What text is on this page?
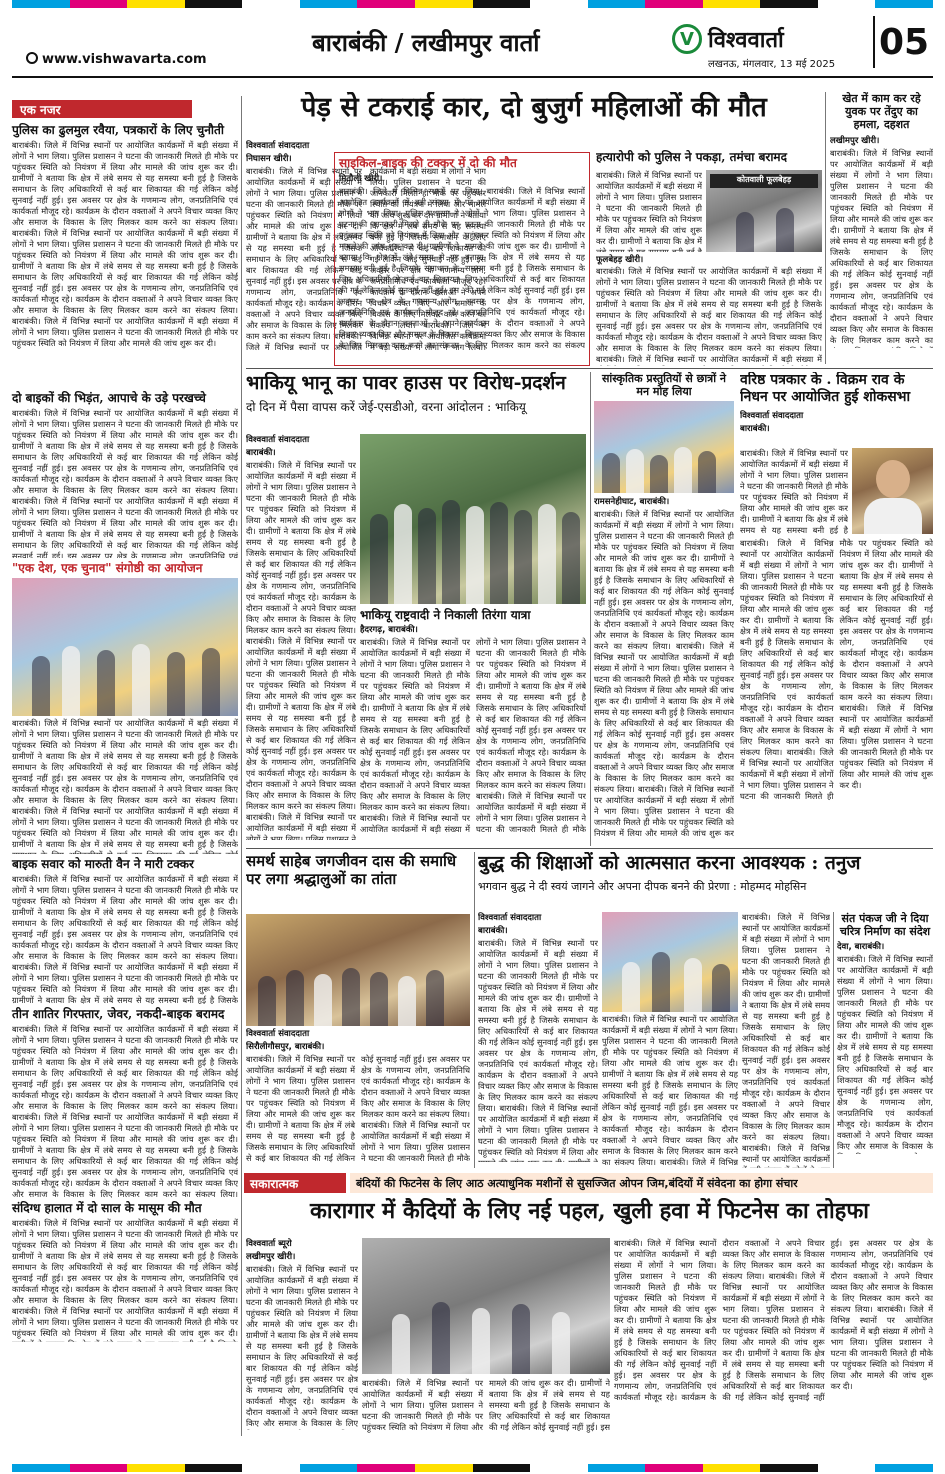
www.vishwavarta.com
बाराबंकी / लखीमपुर वार्ता	V विश्ववार्ता
लखनऊ, मंगलवार, 13 मई 2025
05
एक नजर
पुलिस का ढुलमुल रवैया, पत्रकारों के लिए चुनौती
बाराबंकी। जिले में विभिन्न स्थानों पर आयोजित कार्यक्रमों में बड़ी संख्या में लोगों ने भाग लिया। पुलिस प्रशासन ने घटना की जानकारी मिलते ही मौके पर पहुंचकर स्थिति को नियंत्रण में लिया और मामले की जांच शुरू कर दी। ग्रामीणों ने बताया कि क्षेत्र में लंबे समय से यह समस्या बनी हुई है जिसके समाधान के लिए अधिकारियों से कई बार शिकायत की गई लेकिन कोई सुनवाई नहीं हुई। इस अवसर पर क्षेत्र के गणमान्य लोग, जनप्रतिनिधि एवं कार्यकर्ता मौजूद रहे। कार्यक्रम के दौरान वक्ताओं ने अपने विचार व्यक्त किए और समाज के विकास के लिए मिलकर काम करने का संकल्प लिया। बाराबंकी। जिले में विभिन्न स्थानों पर आयोजित कार्यक्रमों में बड़ी संख्या में लोगों ने भाग लिया। पुलिस प्रशासन ने घटना की जानकारी मिलते ही मौके पर पहुंचकर स्थिति को नियंत्रण में लिया और मामले की जांच शुरू कर दी। ग्रामीणों ने बताया कि क्षेत्र में लंबे समय से यह समस्या बनी हुई है जिसके समाधान के लिए अधिकारियों से कई बार शिकायत की गई लेकिन कोई सुनवाई नहीं हुई। इस अवसर पर क्षेत्र के गणमान्य लोग, जनप्रतिनिधि एवं कार्यकर्ता मौजूद रहे। कार्यक्रम के दौरान वक्ताओं ने अपने विचार व्यक्त किए और समाज के विकास के लिए मिलकर काम करने का संकल्प लिया। बाराबंकी। जिले में विभिन्न स्थानों पर आयोजित कार्यक्रमों में बड़ी संख्या में लोगों ने भाग लिया। पुलिस प्रशासन ने घटना की जानकारी मिलते ही मौके पर पहुंचकर स्थिति को नियंत्रण में लिया और मामले की जांच शुरू कर दी।
दो बाइकों की भिड़ंत, आपाचे के उड़े परखच्चे
बाराबंकी। जिले में विभिन्न स्थानों पर आयोजित कार्यक्रमों में बड़ी संख्या में लोगों ने भाग लिया। पुलिस प्रशासन ने घटना की जानकारी मिलते ही मौके पर पहुंचकर स्थिति को नियंत्रण में लिया और मामले की जांच शुरू कर दी। ग्रामीणों ने बताया कि क्षेत्र में लंबे समय से यह समस्या बनी हुई है जिसके समाधान के लिए अधिकारियों से कई बार शिकायत की गई लेकिन कोई सुनवाई नहीं हुई। इस अवसर पर क्षेत्र के गणमान्य लोग, जनप्रतिनिधि एवं कार्यकर्ता मौजूद रहे। कार्यक्रम के दौरान वक्ताओं ने अपने विचार व्यक्त किए और समाज के विकास के लिए मिलकर काम करने का संकल्प लिया। बाराबंकी। जिले में विभिन्न स्थानों पर आयोजित कार्यक्रमों में बड़ी संख्या में लोगों ने भाग लिया। पुलिस प्रशासन ने घटना की जानकारी मिलते ही मौके पर पहुंचकर स्थिति को नियंत्रण में लिया और मामले की जांच शुरू कर दी। ग्रामीणों ने बताया कि क्षेत्र में लंबे समय से यह समस्या बनी हुई है जिसके समाधान के लिए अधिकारियों से कई बार शिकायत की गई लेकिन कोई सुनवाई नहीं हुई। इस अवसर पर क्षेत्र के गणमान्य लोग, जनप्रतिनिधि एवं कार्यकर्ता मौजूद रहे। कार्यक्रम के दौरान वक्ताओं ने अपने विचार व्यक्त किए और समाज के विकास के लिए मिलकर काम करने का संकल्प लिया। बाराबंकी। जिले में विभिन्न स्थानों पर आयोजित कार्यक्रमों में बड़ी संख्या में लोगों ने भाग लिया। पुलिस प्रशासन ने घटना की जानकारी मिलते ही मौके पर पहुंचकर स्थिति को नियंत्रण में लिया और मामले की जांच शुरू कर दी।
"एक देश, एक चुनाव" संगोष्ठी का आयोजन
बाराबंकी। जिले में विभिन्न स्थानों पर आयोजित कार्यक्रमों में बड़ी संख्या में लोगों ने भाग लिया। पुलिस प्रशासन ने घटना की जानकारी मिलते ही मौके पर पहुंचकर स्थिति को नियंत्रण में लिया और मामले की जांच शुरू कर दी। ग्रामीणों ने बताया कि क्षेत्र में लंबे समय से यह समस्या बनी हुई है जिसके समाधान के लिए अधिकारियों से कई बार शिकायत की गई लेकिन कोई सुनवाई नहीं हुई। इस अवसर पर क्षेत्र के गणमान्य लोग, जनप्रतिनिधि एवं कार्यकर्ता मौजूद रहे। कार्यक्रम के दौरान वक्ताओं ने अपने विचार व्यक्त किए और समाज के विकास के लिए मिलकर काम करने का संकल्प लिया। बाराबंकी। जिले में विभिन्न स्थानों पर आयोजित कार्यक्रमों में बड़ी संख्या में लोगों ने भाग लिया। पुलिस प्रशासन ने घटना की जानकारी मिलते ही मौके पर पहुंचकर स्थिति को नियंत्रण में लिया और मामले की जांच शुरू कर दी। ग्रामीणों ने बताया कि क्षेत्र में लंबे समय से यह समस्या बनी हुई है जिसके समाधान के लिए अधिकारियों से कई बार शिकायत की गई लेकिन कोई सुनवाई नहीं हुई। इस अवसर पर क्षेत्र के गणमान्य लोग, जनप्रतिनिधि एवं कार्यकर्ता मौजूद रहे। कार्यक्रम के दौरान वक्ताओं ने अपने विचार व्यक्त किए और समाज के विकास के लिए मिलकर काम करने का संकल्प लिया। बाराबंकी। जिले में विभिन्न स्थानों पर आयोजित कार्यक्रमों में बड़ी संख्या में लोगों ने भाग लिया। पुलिस प्रशासन ने घटना की जानकारी मिलते ही मौके पर पहुंचकर स्थिति को नियंत्रण में लिया और मामले की जांच शुरू कर दी।
बाइक सवार को मारुती वैन ने मारी टक्कर
बाराबंकी। जिले में विभिन्न स्थानों पर आयोजित कार्यक्रमों में बड़ी संख्या में लोगों ने भाग लिया। पुलिस प्रशासन ने घटना की जानकारी मिलते ही मौके पर पहुंचकर स्थिति को नियंत्रण में लिया और मामले की जांच शुरू कर दी। ग्रामीणों ने बताया कि क्षेत्र में लंबे समय से यह समस्या बनी हुई है जिसके समाधान के लिए अधिकारियों से कई बार शिकायत की गई लेकिन कोई सुनवाई नहीं हुई। इस अवसर पर क्षेत्र के गणमान्य लोग, जनप्रतिनिधि एवं कार्यकर्ता मौजूद रहे। कार्यक्रम के दौरान वक्ताओं ने अपने विचार व्यक्त किए और समाज के विकास के लिए मिलकर काम करने का संकल्प लिया। बाराबंकी। जिले में विभिन्न स्थानों पर आयोजित कार्यक्रमों में बड़ी संख्या में लोगों ने भाग लिया। पुलिस प्रशासन ने घटना की जानकारी मिलते ही मौके पर पहुंचकर स्थिति को नियंत्रण में लिया और मामले की जांच शुरू कर दी। ग्रामीणों ने बताया कि क्षेत्र में लंबे समय से यह समस्या बनी हुई है जिसके समाधान के लिए अधिकारियों से कई बार शिकायत की गई लेकिन कोई सुनवाई नहीं हुई। इस अवसर पर क्षेत्र के गणमान्य लोग, जनप्रतिनिधि एवं कार्यकर्ता मौजूद रहे। कार्यक्रम के दौरान वक्ताओं ने अपने विचार व्यक्त किए और समाज के विकास के लिए मिलकर काम करने का संकल्प लिया। बाराबंकी। जिले में विभिन्न स्थानों पर आयोजित कार्यक्रमों में बड़ी संख्या में लोगों ने भाग लिया। पुलिस प्रशासन ने घटना की जानकारी मिलते ही मौके पर पहुंचकर स्थिति को नियंत्रण में लिया और मामले की जांच शुरू कर दी।
तीन शातिर गिरफ्तार, जेवर, नकदी-बाइक बरामद
बाराबंकी। जिले में विभिन्न स्थानों पर आयोजित कार्यक्रमों में बड़ी संख्या में लोगों ने भाग लिया। पुलिस प्रशासन ने घटना की जानकारी मिलते ही मौके पर पहुंचकर स्थिति को नियंत्रण में लिया और मामले की जांच शुरू कर दी। ग्रामीणों ने बताया कि क्षेत्र में लंबे समय से यह समस्या बनी हुई है जिसके समाधान के लिए अधिकारियों से कई बार शिकायत की गई लेकिन कोई सुनवाई नहीं हुई। इस अवसर पर क्षेत्र के गणमान्य लोग, जनप्रतिनिधि एवं कार्यकर्ता मौजूद रहे। कार्यक्रम के दौरान वक्ताओं ने अपने विचार व्यक्त किए और समाज के विकास के लिए मिलकर काम करने का संकल्प लिया। बाराबंकी। जिले में विभिन्न स्थानों पर आयोजित कार्यक्रमों में बड़ी संख्या में लोगों ने भाग लिया। पुलिस प्रशासन ने घटना की जानकारी मिलते ही मौके पर पहुंचकर स्थिति को नियंत्रण में लिया और मामले की जांच शुरू कर दी। ग्रामीणों ने बताया कि क्षेत्र में लंबे समय से यह समस्या बनी हुई है जिसके समाधान के लिए अधिकारियों से कई बार शिकायत की गई लेकिन कोई सुनवाई नहीं हुई। इस अवसर पर क्षेत्र के गणमान्य लोग, जनप्रतिनिधि एवं कार्यकर्ता मौजूद रहे। कार्यक्रम के दौरान वक्ताओं ने अपने विचार व्यक्त किए और समाज के विकास के लिए मिलकर काम करने का संकल्प लिया। बाराबंकी। जिले में विभिन्न स्थानों पर आयोजित कार्यक्रमों में बड़ी संख्या में लोगों ने भाग लिया। पुलिस प्रशासन ने घटना की जानकारी मिलते ही मौके पर पहुंचकर स्थिति को नियंत्रण में लिया और मामले की जांच शुरू कर दी।
संदिग्ध हालात में दो साल के मासूम की मौत
बाराबंकी। जिले में विभिन्न स्थानों पर आयोजित कार्यक्रमों में बड़ी संख्या में लोगों ने भाग लिया। पुलिस प्रशासन ने घटना की जानकारी मिलते ही मौके पर पहुंचकर स्थिति को नियंत्रण में लिया और मामले की जांच शुरू कर दी। ग्रामीणों ने बताया कि क्षेत्र में लंबे समय से यह समस्या बनी हुई है जिसके समाधान के लिए अधिकारियों से कई बार शिकायत की गई लेकिन कोई सुनवाई नहीं हुई। इस अवसर पर क्षेत्र के गणमान्य लोग, जनप्रतिनिधि एवं कार्यकर्ता मौजूद रहे। कार्यक्रम के दौरान वक्ताओं ने अपने विचार व्यक्त किए और समाज के विकास के लिए मिलकर काम करने का संकल्प लिया। बाराबंकी। जिले में विभिन्न स्थानों पर आयोजित कार्यक्रमों में बड़ी संख्या में लोगों ने भाग लिया। पुलिस प्रशासन ने घटना की जानकारी मिलते ही मौके पर पहुंचकर स्थिति को नियंत्रण में लिया और मामले की जांच शुरू कर दी। ग्रामीणों ने बताया कि क्षेत्र में लंबे समय से यह समस्या बनी हुई है जिसके समाधान के लिए अधिकारियों से कई बार शिकायत की गई लेकिन कोई सुनवाई नहीं हुई। इस अवसर पर क्षेत्र के गणमान्य लोग, जनप्रतिनिधि एवं कार्यकर्ता मौजूद रहे। कार्यक्रम के दौरान वक्ताओं ने अपने विचार व्यक्त किए और समाज के विकास के लिए मिलकर काम करने का संकल्प लिया। बाराबंकी। जिले में विभिन्न स्थानों पर आयोजित कार्यक्रमों में बड़ी संख्या में लोगों ने भाग लिया। पुलिस प्रशासन ने घटना की जानकारी मिलते ही मौके पर पहुंचकर स्थिति को नियंत्रण में लिया और मामले की जांच शुरू कर दी।
पेड़ से टकराई कार, दो बुजुर्ग महिलाओं की मौत
विश्ववार्ता संवाददाता
निघासन खीरी।
बाराबंकी। जिले में विभिन्न स्थानों पर आयोजित कार्यक्रमों में बड़ी संख्या में लोगों ने भाग लिया। पुलिस प्रशासन ने घटना की जानकारी मिलते ही मौके पर पहुंचकर स्थिति को नियंत्रण में लिया और मामले की जांच शुरू कर दी। ग्रामीणों ने बताया कि क्षेत्र में लंबे समय से यह समस्या बनी हुई है जिसके समाधान के लिए अधिकारियों से कई बार शिकायत की गई लेकिन कोई सुनवाई नहीं हुई। इस अवसर पर क्षेत्र के गणमान्य लोग, जनप्रतिनिधि एवं कार्यकर्ता मौजूद रहे। कार्यक्रम के दौरान वक्ताओं ने अपने विचार व्यक्त किए और समाज के विकास के लिए मिलकर काम करने का संकल्प लिया। बाराबंकी। जिले में विभिन्न स्थानों पर आयोजित कार्यक्रमों में बड़ी संख्या में लोगों ने भाग लिया। पुलिस प्रशासन ने घटना की जानकारी मिलते ही मौके पर पहुंचकर स्थिति को नियंत्रण में लिया और मामले की जांच शुरू कर दी। ग्रामीणों ने बताया कि क्षेत्र में लंबे समय से यह समस्या बनी हुई है जिसके समाधान के लिए अधिकारियों से कई बार शिकायत की गई लेकिन कोई सुनवाई नहीं हुई। इस अवसर पर क्षेत्र के गणमान्य लोग, जनप्रतिनिधि एवं कार्यकर्ता मौजूद रहे। कार्यक्रम के दौरान वक्ताओं ने अपने विचार व्यक्त किए और समाज के विकास के लिए मिलकर काम करने का संकल्प लिया। बाराबंकी। जिले में विभिन्न स्थानों पर आयोजित कार्यक्रमों में बड़ी संख्या में लोगों ने भाग लिया। पुलिस प्रशासन ने घटना की जानकारी मिलते ही मौके पर पहुंचकर स्थिति को नियंत्रण में लिया और मामले की जांच शुरू कर दी।	साइकिल-बाइक की टक्कर में दो की मौत
मितौली खीरी।
बाराबंकी। जिले में विभिन्न स्थानों पर आयोजित कार्यक्रमों में बड़ी संख्या में लोगों ने भाग लिया। पुलिस प्रशासन ने घटना की जानकारी मिलते ही मौके पर पहुंचकर स्थिति को नियंत्रण में लिया और मामले की जांच शुरू कर दी। ग्रामीणों ने बताया कि क्षेत्र में लंबे समय से यह समस्या बनी हुई है जिसके समाधान के लिए अधिकारियों से कई बार शिकायत की गई लेकिन कोई सुनवाई नहीं हुई। इस अवसर पर क्षेत्र के गणमान्य लोग, जनप्रतिनिधि एवं कार्यकर्ता मौजूद रहे। कार्यक्रम के दौरान वक्ताओं ने अपने विचार व्यक्त किए और समाज के विकास के लिए मिलकर काम करने का संकल्प लिया। बाराबंकी। जिले में विभिन्न स्थानों पर आयोजित कार्यक्रमों में बड़ी संख्या में लोगों ने भाग लिया। पुलिस प्रशासन ने घटना की जानकारी मिलते ही मौके पर पहुंचकर स्थिति को नियंत्रण में लिया और मामले की जांच शुरू कर दी। ग्रामीणों ने बताया कि क्षेत्र में लंबे समय से यह समस्या बनी हुई है जिसके समाधान के लिए अधिकारियों से कई बार शिकायत की गई लेकिन कोई सुनवाई नहीं हुई। इस अवसर पर क्षेत्र के गणमान्य लोग, जनप्रतिनिधि एवं कार्यकर्ता मौजूद रहे। कार्यक्रम के दौरान वक्ताओं ने अपने विचार व्यक्त किए और समाज के विकास के लिए मिलकर काम करने का संकल्प लिया। बाराबंकी। जिले में विभिन्न स्थानों पर आयोजित कार्यक्रमों में बड़ी संख्या में लोगों ने भाग लिया। पुलिस प्रशासन ने घटना की जानकारी मिलते ही मौके पर पहुंचकर स्थिति को नियंत्रण में लिया और मामले की जांच शुरू कर दी।
हत्यारोपी को पुलिस ने पकड़ा, तमंचा बरामद
बाराबंकी। जिले में विभिन्न स्थानों पर आयोजित कार्यक्रमों में बड़ी संख्या में लोगों ने भाग लिया। पुलिस प्रशासन ने घटना की जानकारी मिलते ही मौके पर पहुंचकर स्थिति को नियंत्रण में लिया और मामले की जांच शुरू कर दी। ग्रामीणों ने बताया कि क्षेत्र में लंबे समय से यह समस्या बनी हुई है जिसके समाधान के लिए अधिकारियों से कई बार शिकायत की गई लेकिन कोई सुनवाई नहीं हुई। इस अवसर पर क्षेत्र के गणमान्य लोग, जनप्रतिनिधि एवं कार्यकर्ता मौजूद रहे। कार्यक्रम के दौरान वक्ताओं ने अपने विचार व्यक्त किए और समाज के विकास के लिए मिलकर काम करने का संकल्प लिया। बाराबंकी। जिले में विभिन्न स्थानों पर आयोजित कार्यक्रमों में बड़ी संख्या में लोगों ने भाग लिया। पुलिस प्रशासन ने घटना की जानकारी मिलते ही मौके पर पहुंचकर स्थिति को नियंत्रण में लिया और मामले की जांच शुरू कर दी। ग्रामीणों ने बताया कि क्षेत्र में लंबे समय से यह समस्या बनी हुई है जिसके समाधान के लिए अधिकारियों से कई बार शिकायत की गई लेकिन कोई सुनवाई नहीं हुई। इस अवसर पर क्षेत्र के गणमान्य लोग, जनप्रतिनिधि एवं कार्यकर्ता मौजूद रहे। कार्यक्रम के दौरान वक्ताओं ने अपने विचार व्यक्त किए और समाज के विकास के लिए मिलकर काम करने का संकल्प लिया। बाराबंकी। जिले में विभिन्न स्थानों पर आयोजित कार्यक्रमों में बड़ी संख्या में लोगों ने भाग लिया। पुलिस प्रशासन ने घटना की जानकारी मिलते ही मौके पर पहुंचकर स्थिति को नियंत्रण में लिया और मामले की जांच शुरू कर दी।
कोतवाली फूलबेहड़
फूलबेहड़ खीरी।
बाराबंकी। जिले में विभिन्न स्थानों पर आयोजित कार्यक्रमों में बड़ी संख्या में लोगों ने भाग लिया। पुलिस प्रशासन ने घटना की जानकारी मिलते ही मौके पर पहुंचकर स्थिति को नियंत्रण में लिया और मामले की जांच शुरू कर दी। ग्रामीणों ने बताया कि क्षेत्र में लंबे समय से यह समस्या बनी हुई है जिसके समाधान के लिए अधिकारियों से कई बार शिकायत की गई लेकिन कोई सुनवाई नहीं हुई। इस अवसर पर क्षेत्र के गणमान्य लोग, जनप्रतिनिधि एवं कार्यकर्ता मौजूद रहे। कार्यक्रम के दौरान वक्ताओं ने अपने विचार व्यक्त किए और समाज के विकास के लिए मिलकर काम करने का संकल्प लिया। बाराबंकी। जिले में विभिन्न स्थानों पर आयोजित कार्यक्रमों में बड़ी संख्या में लोगों ने भाग लिया। पुलिस प्रशासन ने घटना की जानकारी मिलते ही मौके पर पहुंचकर स्थिति को नियंत्रण में लिया और मामले की जांच शुरू कर दी। ग्रामीणों ने बताया कि क्षेत्र में लंबे समय से यह समस्या बनी हुई है जिसके समाधान के लिए अधिकारियों से कई बार शिकायत की गई लेकिन कोई सुनवाई नहीं हुई। इस अवसर पर क्षेत्र के गणमान्य लोग, जनप्रतिनिधि एवं कार्यकर्ता मौजूद रहे। कार्यक्रम के दौरान वक्ताओं ने अपने विचार व्यक्त किए और समाज के विकास के लिए मिलकर काम करने का संकल्प लिया। बाराबंकी। जिले में विभिन्न स्थानों पर आयोजित कार्यक्रमों में बड़ी संख्या में लोगों ने भाग लिया। पुलिस प्रशासन ने घटना की जानकारी मिलते ही मौके पर पहुंचकर स्थिति को नियंत्रण में लिया और मामले की जांच शुरू कर दी।
खेत में काम कर रहे युवक पर तेंदुए का हमला, दहशत
लखीमपुर खीरी।
बाराबंकी। जिले में विभिन्न स्थानों पर आयोजित कार्यक्रमों में बड़ी संख्या में लोगों ने भाग लिया। पुलिस प्रशासन ने घटना की जानकारी मिलते ही मौके पर पहुंचकर स्थिति को नियंत्रण में लिया और मामले की जांच शुरू कर दी। ग्रामीणों ने बताया कि क्षेत्र में लंबे समय से यह समस्या बनी हुई है जिसके समाधान के लिए अधिकारियों से कई बार शिकायत की गई लेकिन कोई सुनवाई नहीं हुई। इस अवसर पर क्षेत्र के गणमान्य लोग, जनप्रतिनिधि एवं कार्यकर्ता मौजूद रहे। कार्यक्रम के दौरान वक्ताओं ने अपने विचार व्यक्त किए और समाज के विकास के लिए मिलकर काम करने का संकल्प लिया। बाराबंकी। जिले में विभिन्न स्थानों पर आयोजित कार्यक्रमों में बड़ी संख्या में लोगों ने भाग लिया। पुलिस प्रशासन ने घटना की जानकारी मिलते ही मौके पर पहुंचकर स्थिति को नियंत्रण में लिया और मामले की जांच शुरू कर दी। ग्रामीणों ने बताया कि क्षेत्र में लंबे समय से यह समस्या बनी हुई है जिसके समाधान के लिए अधिकारियों से कई बार शिकायत की गई लेकिन कोई सुनवाई नहीं हुई। इस अवसर पर क्षेत्र के गणमान्य लोग, जनप्रतिनिधि एवं कार्यकर्ता मौजूद रहे। कार्यक्रम के दौरान वक्ताओं ने अपने विचार व्यक्त किए और समाज के विकास के लिए मिलकर काम करने का संकल्प लिया। बाराबंकी। जिले में विभिन्न स्थानों पर आयोजित कार्यक्रमों में बड़ी संख्या में लोगों ने भाग लिया। पुलिस प्रशासन ने घटना की जानकारी मिलते ही मौके पर पहुंचकर स्थिति को नियंत्रण में लिया और मामले की जांच शुरू कर दी।
भाकियू भानू का पावर हाउस पर विरोध-प्रदर्शन
दो दिन में पैसा वापस करें जेई-एसडीओ, वरना आंदोलन : भाकियू
विश्ववार्ता संवाददाता
बाराबंकी।
बाराबंकी। जिले में विभिन्न स्थानों पर आयोजित कार्यक्रमों में बड़ी संख्या में लोगों ने भाग लिया। पुलिस प्रशासन ने घटना की जानकारी मिलते ही मौके पर पहुंचकर स्थिति को नियंत्रण में लिया और मामले की जांच शुरू कर दी। ग्रामीणों ने बताया कि क्षेत्र में लंबे समय से यह समस्या बनी हुई है जिसके समाधान के लिए अधिकारियों से कई बार शिकायत की गई लेकिन कोई सुनवाई नहीं हुई। इस अवसर पर क्षेत्र के गणमान्य लोग, जनप्रतिनिधि एवं कार्यकर्ता मौजूद रहे। कार्यक्रम के दौरान वक्ताओं ने अपने विचार व्यक्त किए और समाज के विकास के लिए मिलकर काम करने का संकल्प लिया। बाराबंकी। जिले में विभिन्न स्थानों पर आयोजित कार्यक्रमों में बड़ी संख्या में लोगों ने भाग लिया। पुलिस प्रशासन ने घटना की जानकारी मिलते ही मौके पर पहुंचकर स्थिति को नियंत्रण में लिया और मामले की जांच शुरू कर दी। ग्रामीणों ने बताया कि क्षेत्र में लंबे समय से यह समस्या बनी हुई है जिसके समाधान के लिए अधिकारियों से कई बार शिकायत की गई लेकिन कोई सुनवाई नहीं हुई। इस अवसर पर क्षेत्र के गणमान्य लोग, जनप्रतिनिधि एवं कार्यकर्ता मौजूद रहे। कार्यक्रम के दौरान वक्ताओं ने अपने विचार व्यक्त किए और समाज के विकास के लिए मिलकर काम करने का संकल्प लिया। बाराबंकी। जिले में विभिन्न स्थानों पर आयोजित कार्यक्रमों में बड़ी संख्या में लोगों ने भाग लिया। पुलिस प्रशासन ने घटना की जानकारी मिलते ही मौके पर पहुंचकर स्थिति को नियंत्रण में लिया और मामले की जांच शुरू कर दी।
भाकियू राष्ट्रवादी ने निकाली तिरंगा यात्रा
हैदरगढ़, बाराबंकी।
बाराबंकी। जिले में विभिन्न स्थानों पर आयोजित कार्यक्रमों में बड़ी संख्या में लोगों ने भाग लिया। पुलिस प्रशासन ने घटना की जानकारी मिलते ही मौके पर पहुंचकर स्थिति को नियंत्रण में लिया और मामले की जांच शुरू कर दी। ग्रामीणों ने बताया कि क्षेत्र में लंबे समय से यह समस्या बनी हुई है जिसके समाधान के लिए अधिकारियों से कई बार शिकायत की गई लेकिन कोई सुनवाई नहीं हुई। इस अवसर पर क्षेत्र के गणमान्य लोग, जनप्रतिनिधि एवं कार्यकर्ता मौजूद रहे। कार्यक्रम के दौरान वक्ताओं ने अपने विचार व्यक्त किए और समाज के विकास के लिए मिलकर काम करने का संकल्प लिया। बाराबंकी। जिले में विभिन्न स्थानों पर आयोजित कार्यक्रमों में बड़ी संख्या में लोगों ने भाग लिया। पुलिस प्रशासन ने घटना की जानकारी मिलते ही मौके पर पहुंचकर स्थिति को नियंत्रण में लिया और मामले की जांच शुरू कर दी। ग्रामीणों ने बताया कि क्षेत्र में लंबे समय से यह समस्या बनी हुई है जिसके समाधान के लिए अधिकारियों से कई बार शिकायत की गई लेकिन कोई सुनवाई नहीं हुई। इस अवसर पर क्षेत्र के गणमान्य लोग, जनप्रतिनिधि एवं कार्यकर्ता मौजूद रहे। कार्यक्रम के दौरान वक्ताओं ने अपने विचार व्यक्त किए और समाज के विकास के लिए मिलकर काम करने का संकल्प लिया। बाराबंकी। जिले में विभिन्न स्थानों पर आयोजित कार्यक्रमों में बड़ी संख्या में लोगों ने भाग लिया। पुलिस प्रशासन ने घटना की जानकारी मिलते ही मौके पर पहुंचकर स्थिति को नियंत्रण में लिया और मामले की जांच शुरू कर दी।
सांस्कृतिक प्रस्तुतियों से छात्रों ने मन मोह लिया
रामसनेहीघाट, बाराबंकी।
बाराबंकी। जिले में विभिन्न स्थानों पर आयोजित कार्यक्रमों में बड़ी संख्या में लोगों ने भाग लिया। पुलिस प्रशासन ने घटना की जानकारी मिलते ही मौके पर पहुंचकर स्थिति को नियंत्रण में लिया और मामले की जांच शुरू कर दी। ग्रामीणों ने बताया कि क्षेत्र में लंबे समय से यह समस्या बनी हुई है जिसके समाधान के लिए अधिकारियों से कई बार शिकायत की गई लेकिन कोई सुनवाई नहीं हुई। इस अवसर पर क्षेत्र के गणमान्य लोग, जनप्रतिनिधि एवं कार्यकर्ता मौजूद रहे। कार्यक्रम के दौरान वक्ताओं ने अपने विचार व्यक्त किए और समाज के विकास के लिए मिलकर काम करने का संकल्प लिया। बाराबंकी। जिले में विभिन्न स्थानों पर आयोजित कार्यक्रमों में बड़ी संख्या में लोगों ने भाग लिया। पुलिस प्रशासन ने घटना की जानकारी मिलते ही मौके पर पहुंचकर स्थिति को नियंत्रण में लिया और मामले की जांच शुरू कर दी। ग्रामीणों ने बताया कि क्षेत्र में लंबे समय से यह समस्या बनी हुई है जिसके समाधान के लिए अधिकारियों से कई बार शिकायत की गई लेकिन कोई सुनवाई नहीं हुई। इस अवसर पर क्षेत्र के गणमान्य लोग, जनप्रतिनिधि एवं कार्यकर्ता मौजूद रहे। कार्यक्रम के दौरान वक्ताओं ने अपने विचार व्यक्त किए और समाज के विकास के लिए मिलकर काम करने का संकल्प लिया। बाराबंकी। जिले में विभिन्न स्थानों पर आयोजित कार्यक्रमों में बड़ी संख्या में लोगों ने भाग लिया। पुलिस प्रशासन ने घटना की जानकारी मिलते ही मौके पर पहुंचकर स्थिति को नियंत्रण में लिया और मामले की जांच शुरू कर दी।
वरिष्ठ पत्रकार के . विक्रम राव के निधन पर आयोजित हुई शोकसभा
विश्ववार्ता संवाददाता
बाराबंकी।
बाराबंकी। जिले में विभिन्न स्थानों पर आयोजित कार्यक्रमों में बड़ी संख्या में लोगों ने भाग लिया। पुलिस प्रशासन ने घटना की जानकारी मिलते ही मौके पर पहुंचकर स्थिति को नियंत्रण में लिया और मामले की जांच शुरू कर दी। ग्रामीणों ने बताया कि क्षेत्र में लंबे समय से यह समस्या बनी हुई है जिसके समाधान के लिए अधिकारियों से कई बार शिकायत की गई लेकिन कोई सुनवाई नहीं हुई। इस अवसर पर क्षेत्र के गणमान्य लोग, जनप्रतिनिधि एवं कार्यकर्ता मौजूद रहे। कार्यक्रम के दौरान वक्ताओं ने अपने विचार व्यक्त किए और समाज के विकास के लिए मिलकर काम करने का संकल्प लिया। बाराबंकी। जिले में विभिन्न स्थानों पर आयोजित कार्यक्रमों में बड़ी संख्या में लोगों ने भाग लिया। पुलिस प्रशासन ने घटना की जानकारी मिलते ही मौके पर पहुंचकर स्थिति को नियंत्रण में लिया और मामले की जांच शुरू कर दी। ग्रामीणों ने बताया कि क्षेत्र में लंबे समय से यह समस्या बनी हुई है जिसके समाधान के लिए अधिकारियों से कई बार शिकायत की गई लेकिन कोई सुनवाई नहीं हुई। इस अवसर पर क्षेत्र के गणमान्य लोग, जनप्रतिनिधि एवं कार्यकर्ता मौजूद रहे। कार्यक्रम के दौरान वक्ताओं ने अपने विचार व्यक्त किए और समाज के विकास के लिए मिलकर काम करने का संकल्प लिया। बाराबंकी। जिले में विभिन्न स्थानों पर आयोजित कार्यक्रमों में बड़ी संख्या में लोगों ने भाग लिया। पुलिस प्रशासन ने घटना की जानकारी मिलते ही मौके पर पहुंचकर स्थिति को नियंत्रण में लिया और मामले की जांच शुरू कर दी।
बाराबंकी। जिले में विभिन्न स्थानों पर आयोजित कार्यक्रमों में बड़ी संख्या में लोगों ने भाग लिया। पुलिस प्रशासन ने घटना की जानकारी मिलते ही मौके पर पहुंचकर स्थिति को नियंत्रण में लिया और मामले की जांच शुरू कर दी। ग्रामीणों ने बताया कि क्षेत्र में लंबे समय से यह समस्या बनी हुई है जिसके समाधान के लिए अधिकारियों से कई बार शिकायत की गई लेकिन कोई सुनवाई नहीं हुई। इस अवसर पर क्षेत्र के गणमान्य लोग, जनप्रतिनिधि एवं कार्यकर्ता मौजूद रहे। कार्यक्रम के दौरान वक्ताओं ने अपने विचार व्यक्त किए और समाज के विकास के लिए मिलकर काम करने का संकल्प लिया। बाराबंकी। जिले में विभिन्न स्थानों पर आयोजित कार्यक्रमों में बड़ी संख्या में लोगों ने भाग लिया। पुलिस प्रशासन ने घटना की जानकारी मिलते ही मौके पर पहुंचकर स्थिति को नियंत्रण में लिया और मामले की जांच शुरू कर दी। ग्रामीणों ने बताया कि क्षेत्र में लंबे समय से यह समस्या बनी हुई है जिसके समाधान के लिए अधिकारियों से कई बार शिकायत की गई लेकिन कोई सुनवाई नहीं हुई। इस अवसर पर क्षेत्र के गणमान्य लोग, जनप्रतिनिधि एवं कार्यकर्ता मौजूद रहे। कार्यक्रम के दौरान वक्ताओं ने अपने विचार व्यक्त किए और समाज के विकास के लिए मिलकर काम करने का संकल्प लिया। बाराबंकी। जिले में विभिन्न स्थानों पर आयोजित कार्यक्रमों में बड़ी संख्या में लोगों ने भाग लिया। पुलिस प्रशासन ने घटना की जानकारी मिलते ही मौके पर पहुंचकर स्थिति को नियंत्रण में लिया और मामले की जांच शुरू कर दी।
समर्थ साहेब जगजीवन दास की समाधि पर लगा श्रद्धालुओं का तांता
विश्ववार्ता संवाददाता
सिरौलीगौसपुर, बाराबंकी।
बाराबंकी। जिले में विभिन्न स्थानों पर आयोजित कार्यक्रमों में बड़ी संख्या में लोगों ने भाग लिया। पुलिस प्रशासन ने घटना की जानकारी मिलते ही मौके पर पहुंचकर स्थिति को नियंत्रण में लिया और मामले की जांच शुरू कर दी। ग्रामीणों ने बताया कि क्षेत्र में लंबे समय से यह समस्या बनी हुई है जिसके समाधान के लिए अधिकारियों से कई बार शिकायत की गई लेकिन कोई सुनवाई नहीं हुई। इस अवसर पर क्षेत्र के गणमान्य लोग, जनप्रतिनिधि एवं कार्यकर्ता मौजूद रहे। कार्यक्रम के दौरान वक्ताओं ने अपने विचार व्यक्त किए और समाज के विकास के लिए मिलकर काम करने का संकल्प लिया। बाराबंकी। जिले में विभिन्न स्थानों पर आयोजित कार्यक्रमों में बड़ी संख्या में लोगों ने भाग लिया। पुलिस प्रशासन ने घटना की जानकारी मिलते ही मौके पर पहुंचकर स्थिति को नियंत्रण में लिया और मामले की जांच शुरू कर दी। ग्रामीणों ने बताया कि क्षेत्र में लंबे समय से यह समस्या बनी हुई है जिसके समाधान के लिए अधिकारियों से कई बार शिकायत की गई लेकिन कोई सुनवाई नहीं हुई। इस अवसर पर क्षेत्र के गणमान्य लोग, जनप्रतिनिधि एवं कार्यकर्ता मौजूद रहे। कार्यक्रम के दौरान वक्ताओं ने अपने विचार व्यक्त किए और समाज के विकास के लिए मिलकर काम करने का संकल्प लिया। बाराबंकी। जिले में विभिन्न स्थानों पर आयोजित कार्यक्रमों में बड़ी संख्या में लोगों ने भाग लिया। पुलिस प्रशासन ने घटना की जानकारी मिलते ही मौके पर पहुंचकर स्थिति को नियंत्रण में लिया और मामले की जांच शुरू कर दी।
बुद्ध की शिक्षाओं को आत्मसात करना आवश्यक : तनुज
भगवान बुद्ध ने दी स्वयं जागने और अपना दीपक बनने की प्रेरणा : मोहम्मद मोहसिन
विश्ववार्ता संवाददाता
बाराबंकी।
बाराबंकी। जिले में विभिन्न स्थानों पर आयोजित कार्यक्रमों में बड़ी संख्या में लोगों ने भाग लिया। पुलिस प्रशासन ने घटना की जानकारी मिलते ही मौके पर पहुंचकर स्थिति को नियंत्रण में लिया और मामले की जांच शुरू कर दी। ग्रामीणों ने बताया कि क्षेत्र में लंबे समय से यह समस्या बनी हुई है जिसके समाधान के लिए अधिकारियों से कई बार शिकायत की गई लेकिन कोई सुनवाई नहीं हुई। इस अवसर पर क्षेत्र के गणमान्य लोग, जनप्रतिनिधि एवं कार्यकर्ता मौजूद रहे। कार्यक्रम के दौरान वक्ताओं ने अपने विचार व्यक्त किए और समाज के विकास के लिए मिलकर काम करने का संकल्प लिया। बाराबंकी। जिले में विभिन्न स्थानों पर आयोजित कार्यक्रमों में बड़ी संख्या में लोगों ने भाग लिया। पुलिस प्रशासन ने घटना की जानकारी मिलते ही मौके पर पहुंचकर स्थिति को नियंत्रण में लिया और मामले की जांच शुरू कर दी। ग्रामीणों ने बताया कि क्षेत्र में लंबे समय से यह समस्या बनी हुई है जिसके समाधान के लिए अधिकारियों से कई बार शिकायत की गई लेकिन कोई सुनवाई नहीं हुई। इस अवसर पर क्षेत्र के गणमान्य लोग, जनप्रतिनिधि एवं कार्यकर्ता मौजूद रहे। कार्यक्रम के दौरान वक्ताओं ने अपने विचार व्यक्त किए और समाज के विकास के लिए मिलकर काम करने का संकल्प लिया। बाराबंकी। जिले में विभिन्न स्थानों पर आयोजित कार्यक्रमों में बड़ी संख्या में लोगों ने भाग लिया। पुलिस प्रशासन ने घटना की जानकारी मिलते ही मौके पर पहुंचकर स्थिति को नियंत्रण में लिया और मामले की जांच शुरू कर दी।
बाराबंकी। जिले में विभिन्न स्थानों पर आयोजित कार्यक्रमों में बड़ी संख्या में लोगों ने भाग लिया। पुलिस प्रशासन ने घटना की जानकारी मिलते ही मौके पर पहुंचकर स्थिति को नियंत्रण में लिया और मामले की जांच शुरू कर दी। ग्रामीणों ने बताया कि क्षेत्र में लंबे समय से यह समस्या बनी हुई है जिसके समाधान के लिए अधिकारियों से कई बार शिकायत की गई लेकिन कोई सुनवाई नहीं हुई। इस अवसर पर क्षेत्र के गणमान्य लोग, जनप्रतिनिधि एवं कार्यकर्ता मौजूद रहे। कार्यक्रम के दौरान वक्ताओं ने अपने विचार व्यक्त किए और समाज के विकास के लिए मिलकर काम करने का संकल्प लिया। बाराबंकी। जिले में विभिन्न स्थानों पर आयोजित कार्यक्रमों में बड़ी संख्या में लोगों ने भाग लिया। पुलिस प्रशासन ने घटना की जानकारी मिलते ही मौके पर पहुंचकर स्थिति को नियंत्रण में लिया और मामले की जांच शुरू कर दी। ग्रामीणों ने बताया कि क्षेत्र में लंबे समय से यह समस्या बनी हुई है जिसके समाधान के लिए अधिकारियों से कई बार शिकायत की गई लेकिन कोई सुनवाई नहीं हुई। इस अवसर पर क्षेत्र के गणमान्य लोग, जनप्रतिनिधि एवं कार्यकर्ता मौजूद रहे। कार्यक्रम के दौरान वक्ताओं ने अपने विचार व्यक्त किए और समाज के विकास के लिए मिलकर काम करने का संकल्प लिया। बाराबंकी। जिले में विभिन्न स्थानों पर आयोजित कार्यक्रमों में बड़ी संख्या में लोगों ने भाग लिया। पुलिस प्रशासन ने घटना की जानकारी मिलते ही मौके पर पहुंचकर स्थिति को नियंत्रण में लिया और मामले की जांच शुरू कर दी।
बाराबंकी। जिले में विभिन्न स्थानों पर आयोजित कार्यक्रमों में बड़ी संख्या में लोगों ने भाग लिया। पुलिस प्रशासन ने घटना की जानकारी मिलते ही मौके पर पहुंचकर स्थिति को नियंत्रण में लिया और मामले की जांच शुरू कर दी। ग्रामीणों ने बताया कि क्षेत्र में लंबे समय से यह समस्या बनी हुई है जिसके समाधान के लिए अधिकारियों से कई बार शिकायत की गई लेकिन कोई सुनवाई नहीं हुई। इस अवसर पर क्षेत्र के गणमान्य लोग, जनप्रतिनिधि एवं कार्यकर्ता मौजूद रहे। कार्यक्रम के दौरान वक्ताओं ने अपने विचार व्यक्त किए और समाज के विकास के लिए मिलकर काम करने का संकल्प लिया। बाराबंकी। जिले में विभिन्न स्थानों पर आयोजित कार्यक्रमों में बड़ी संख्या में लोगों ने भाग लिया। पुलिस प्रशासन ने घटना की जानकारी मिलते ही मौके पर पहुंचकर स्थिति को नियंत्रण में लिया और मामले की जांच शुरू कर दी। ग्रामीणों ने बताया कि क्षेत्र में लंबे समय से यह समस्या बनी हुई है जिसके समाधान के लिए अधिकारियों से कई बार शिकायत की गई लेकिन कोई सुनवाई नहीं हुई। इस अवसर पर क्षेत्र के गणमान्य लोग, जनप्रतिनिधि एवं कार्यकर्ता मौजूद रहे। कार्यक्रम के दौरान वक्ताओं ने अपने विचार व्यक्त किए और समाज के विकास के लिए मिलकर काम करने का संकल्प लिया। बाराबंकी। जिले में विभिन्न स्थानों पर आयोजित कार्यक्रमों में बड़ी संख्या में लोगों ने भाग लिया। पुलिस प्रशासन ने घटना की जानकारी मिलते ही मौके पर पहुंचकर स्थिति को नियंत्रण में लिया और मामले की जांच शुरू कर दी।
संत पंकज जी ने दिया चरित्र निर्माण का संदेश
देवा, बाराबंकी।
बाराबंकी। जिले में विभिन्न स्थानों पर आयोजित कार्यक्रमों में बड़ी संख्या में लोगों ने भाग लिया। पुलिस प्रशासन ने घटना की जानकारी मिलते ही मौके पर पहुंचकर स्थिति को नियंत्रण में लिया और मामले की जांच शुरू कर दी। ग्रामीणों ने बताया कि क्षेत्र में लंबे समय से यह समस्या बनी हुई है जिसके समाधान के लिए अधिकारियों से कई बार शिकायत की गई लेकिन कोई सुनवाई नहीं हुई। इस अवसर पर क्षेत्र के गणमान्य लोग, जनप्रतिनिधि एवं कार्यकर्ता मौजूद रहे। कार्यक्रम के दौरान वक्ताओं ने अपने विचार व्यक्त किए और समाज के विकास के लिए मिलकर काम करने का संकल्प लिया। बाराबंकी। जिले में विभिन्न स्थानों पर आयोजित कार्यक्रमों में बड़ी संख्या में लोगों ने भाग लिया। पुलिस प्रशासन ने घटना की जानकारी मिलते ही मौके पर पहुंचकर स्थिति को नियंत्रण में लिया और मामले की जांच शुरू कर दी। ग्रामीणों ने बताया कि क्षेत्र में लंबे समय से यह समस्या बनी हुई है जिसके समाधान के लिए अधिकारियों से कई बार शिकायत की गई लेकिन कोई सुनवाई नहीं हुई। इस अवसर पर क्षेत्र के गणमान्य लोग, जनप्रतिनिधि एवं कार्यकर्ता मौजूद रहे। कार्यक्रम के दौरान वक्ताओं ने अपने विचार व्यक्त किए और समाज के विकास के लिए मिलकर काम करने का संकल्प लिया। बाराबंकी। जिले में विभिन्न स्थानों पर आयोजित कार्यक्रमों में बड़ी संख्या में लोगों ने भाग लिया। पुलिस प्रशासन ने घटना की जानकारी मिलते ही मौके पर पहुंचकर स्थिति को नियंत्रण में लिया और मामले की जांच शुरू कर दी।
सकारात्मक	बंदियों की फिटनेस के लिए आठ अत्याधुनिक मशीनों से सुसज्जित ओपन जिम,बंदियों में संवेदना का होगा संचार
कारागार में कैदियों के लिए नई पहल, खुली हवा में फिटनेस का तोहफा
विश्ववार्ता ब्यूरो
लखीमपुर खीरी।
बाराबंकी। जिले में विभिन्न स्थानों पर आयोजित कार्यक्रमों में बड़ी संख्या में लोगों ने भाग लिया। पुलिस प्रशासन ने घटना की जानकारी मिलते ही मौके पर पहुंचकर स्थिति को नियंत्रण में लिया और मामले की जांच शुरू कर दी। ग्रामीणों ने बताया कि क्षेत्र में लंबे समय से यह समस्या बनी हुई है जिसके समाधान के लिए अधिकारियों से कई बार शिकायत की गई लेकिन कोई सुनवाई नहीं हुई। इस अवसर पर क्षेत्र के गणमान्य लोग, जनप्रतिनिधि एवं कार्यकर्ता मौजूद रहे। कार्यक्रम के दौरान वक्ताओं ने अपने विचार व्यक्त किए और समाज के विकास के लिए मिलकर काम करने का संकल्प लिया। बाराबंकी। जिले में विभिन्न स्थानों पर आयोजित कार्यक्रमों में बड़ी संख्या में लोगों ने भाग लिया। पुलिस प्रशासन ने घटना की जानकारी मिलते ही मौके पर पहुंचकर स्थिति को नियंत्रण में लिया और मामले की जांच शुरू कर दी। ग्रामीणों ने बताया कि क्षेत्र में लंबे समय से यह समस्या बनी हुई है जिसके समाधान के लिए अधिकारियों से कई बार शिकायत की गई लेकिन कोई सुनवाई नहीं हुई। इस अवसर पर क्षेत्र के गणमान्य लोग, जनप्रतिनिधि एवं कार्यकर्ता मौजूद रहे। कार्यक्रम के दौरान वक्ताओं ने अपने विचार व्यक्त किए और समाज के विकास के लिए मिलकर काम करने का संकल्प लिया। बाराबंकी। जिले में विभिन्न स्थानों पर आयोजित कार्यक्रमों में बड़ी संख्या में लोगों ने भाग लिया। पुलिस प्रशासन ने घटना की जानकारी मिलते ही मौके पर पहुंचकर स्थिति को नियंत्रण में लिया और मामले की जांच शुरू कर दी।
बाराबंकी। जिले में विभिन्न स्थानों पर आयोजित कार्यक्रमों में बड़ी संख्या में लोगों ने भाग लिया। पुलिस प्रशासन ने घटना की जानकारी मिलते ही मौके पर पहुंचकर स्थिति को नियंत्रण में लिया और मामले की जांच शुरू कर दी। ग्रामीणों ने बताया कि क्षेत्र में लंबे समय से यह समस्या बनी हुई है जिसके समाधान के लिए अधिकारियों से कई बार शिकायत की गई लेकिन कोई सुनवाई नहीं हुई। इस अवसर पर क्षेत्र के गणमान्य लोग, जनप्रतिनिधि एवं कार्यकर्ता मौजूद रहे। कार्यक्रम के दौरान वक्ताओं ने अपने विचार व्यक्त किए और समाज के विकास के लिए मिलकर काम करने का संकल्प लिया। बाराबंकी। जिले में विभिन्न स्थानों पर आयोजित कार्यक्रमों में बड़ी संख्या में लोगों ने भाग लिया। पुलिस प्रशासन ने घटना की जानकारी मिलते ही मौके पर पहुंचकर स्थिति को नियंत्रण में लिया और मामले की जांच शुरू कर दी। ग्रामीणों ने बताया कि क्षेत्र में लंबे समय से यह समस्या बनी हुई है जिसके समाधान के लिए अधिकारियों से कई बार शिकायत की गई लेकिन कोई सुनवाई नहीं हुई। इस अवसर पर क्षेत्र के गणमान्य लोग, जनप्रतिनिधि एवं कार्यकर्ता मौजूद रहे। कार्यक्रम के दौरान वक्ताओं ने अपने विचार व्यक्त किए और समाज के विकास के लिए मिलकर काम करने का संकल्प लिया। बाराबंकी। जिले में विभिन्न स्थानों पर आयोजित कार्यक्रमों में बड़ी संख्या में लोगों ने भाग लिया। पुलिस प्रशासन ने घटना की जानकारी मिलते ही मौके पर पहुंचकर स्थिति को नियंत्रण में लिया और मामले की जांच शुरू कर दी।
बाराबंकी। जिले में विभिन्न स्थानों पर आयोजित कार्यक्रमों में बड़ी संख्या में लोगों ने भाग लिया। पुलिस प्रशासन ने घटना की जानकारी मिलते ही मौके पर पहुंचकर स्थिति को नियंत्रण में लिया और मामले की जांच शुरू कर दी। ग्रामीणों ने बताया कि क्षेत्र में लंबे समय से यह समस्या बनी हुई है जिसके समाधान के लिए अधिकारियों से कई बार शिकायत की गई लेकिन कोई सुनवाई नहीं हुई। इस अवसर पर क्षेत्र के गणमान्य लोग, जनप्रतिनिधि एवं कार्यकर्ता मौजूद रहे। कार्यक्रम के दौरान वक्ताओं ने अपने विचार व्यक्त किए और समाज के विकास के लिए मिलकर काम करने का संकल्प लिया। बाराबंकी। जिले में विभिन्न स्थानों पर आयोजित कार्यक्रमों में बड़ी संख्या में लोगों ने भाग लिया। पुलिस प्रशासन ने घटना की जानकारी मिलते ही मौके पर पहुंचकर स्थिति को नियंत्रण में लिया और मामले की जांच शुरू कर दी। ग्रामीणों ने बताया कि क्षेत्र में लंबे समय से यह समस्या बनी हुई है जिसके समाधान के लिए अधिकारियों से कई बार शिकायत की गई लेकिन कोई सुनवाई नहीं हुई। इस अवसर पर क्षेत्र के गणमान्य लोग, जनप्रतिनिधि एवं कार्यकर्ता मौजूद रहे। कार्यक्रम के दौरान वक्ताओं ने अपने विचार व्यक्त किए और समाज के विकास के लिए मिलकर काम करने का संकल्प लिया। बाराबंकी। जिले में विभिन्न स्थानों पर आयोजित कार्यक्रमों में बड़ी संख्या में लोगों ने भाग लिया। पुलिस प्रशासन ने घटना की जानकारी मिलते ही मौके पर पहुंचकर स्थिति को नियंत्रण में लिया और मामले की जांच शुरू कर दी।
